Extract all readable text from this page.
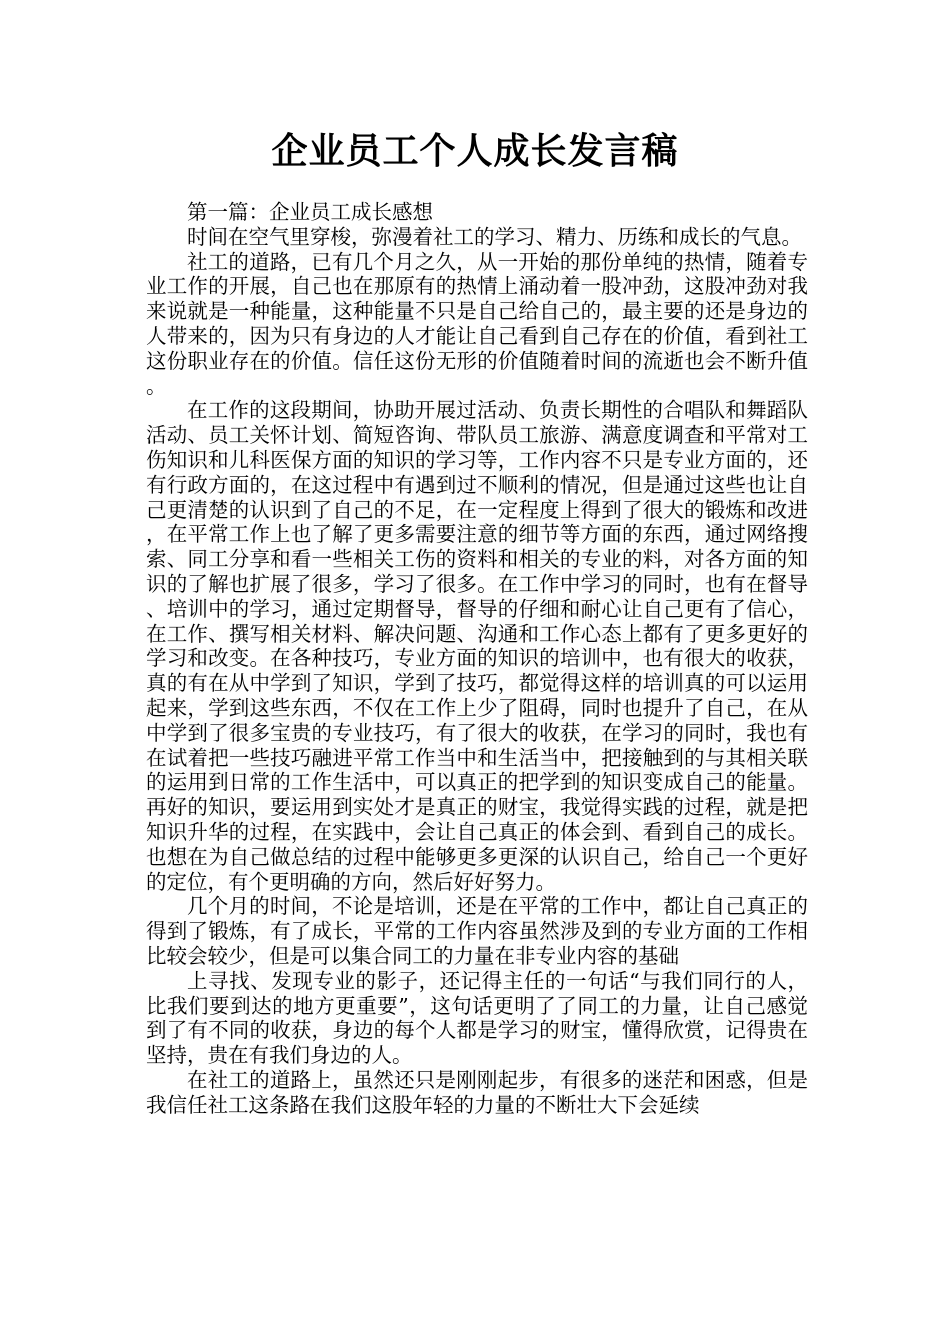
企业员工个人成长发言稿

第一篇：企业员工成长感想

时间在空气里穿梭，弥漫着社工的学习、精力、历练和成长的气息。

社工的道路，已有几个月之久，从一开始的那份单纯的热情，随着专业工作的开展，自己也在那原有的热情上涌动着一股冲劲，这股冲劲对我来说就是一种能量，这种能量不只是自己给自己的，最主要的还是身边的人带来的，因为只有身边的人才能让自己看到自己存在的价值，看到社工这份职业存在的价值。信任这份无形的价值随着时间的流逝也会不断升值。

在工作的这段期间，协助开展过活动、负责长期性的合唱队和舞蹈队活动、员工关怀计划、简短咨询、带队员工旅游、满意度调查和平常对工伤知识和儿科医保方面的知识的学习等，工作内容不只是专业方面的，还有行政方面的，在这过程中有遇到过不顺利的情况，但是通过这些也让自己更清楚的认识到了自己的不足，在一定程度上得到了很大的锻炼和改进，在平常工作上也了解了更多需要注意的细节等方面的东西，通过网络搜索、同工分享和看一些相关工伤的资料和相关的专业的料，对各方面的知识的了解也扩展了很多，学习了很多。在工作中学习的同时，也有在督导、培训中的学习，通过定期督导，督导的仔细和耐心让自己更有了信心，在工作、撰写相关材料、解决问题、沟通和工作心态上都有了更多更好的学习和改变。在各种技巧，专业方面的知识的培训中，也有很大的收获，真的有在从中学到了知识，学到了技巧，都觉得这样的培训真的可以运用起来，学到这些东西，不仅在工作上少了阻碍，同时也提升了自己，在从中学到了很多宝贵的专业技巧，有了很大的收获，在学习的同时，我也有在试着把一些技巧融进平常工作当中和生活当中，把接触到的与其相关联的运用到日常的工作生活中，可以真正的把学到的知识变成自己的能量。再好的知识，要运用到实处才是真正的财宝，我觉得实践的过程，就是把知识升华的过程，在实践中，会让自己真正的体会到、看到自己的成长。也想在为自己做总结的过程中能够更多更深的认识自己，给自己一个更好的定位，有个更明确的方向，然后好好努力。

几个月的时间，不论是培训，还是在平常的工作中，都让自己真正的得到了锻炼，有了成长，平常的工作内容虽然涉及到的专业方面的工作相比较会较少，但是可以集合同工的力量在非专业内容的基础

上寻找、发现专业的影子，还记得主任的一句话“与我们同行的人，比我们要到达的地方更重要”，这句话更明了了同工的力量，让自己感觉到了有不同的收获，身边的每个人都是学习的财宝，懂得欣赏，记得贵在坚持，贵在有我们身边的人。

在社工的道路上，虽然还只是刚刚起步，有很多的迷茫和困惑，但是我信任社工这条路在我们这股年轻的力量的不断壮大下会延续
